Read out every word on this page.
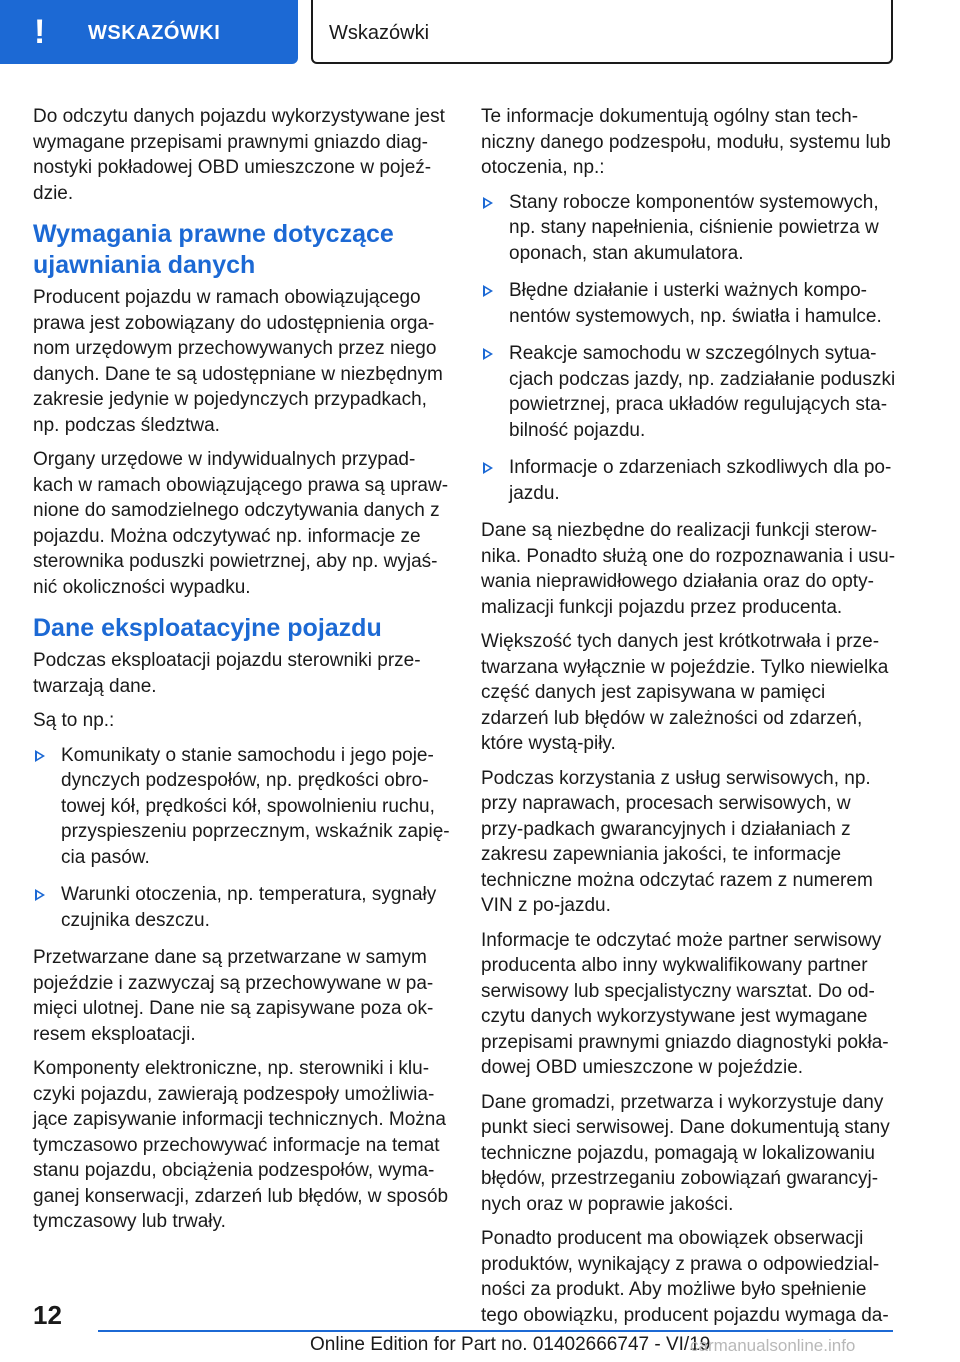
! WSKAZÓWKI	Wskazówki

Do odczytu danych pojazdu wykorzystywane jest wymagane przepisami prawnymi gniazdo diag‐nostyki pokładowej OBD umieszczone w pojeź‐dzie.

Wymagania prawne dotyczące ujawniania danych

Producent pojazdu w ramach obowiązującego prawa jest zobowiązany do udostępnienia orga‐nom urzędowym przechowywanych przez niego danych. Dane te są udostępniane w niezbędnym zakresie jedynie w pojedynczych przypadkach, np. podczas śledztwa.

Organy urzędowe w indywidualnych przypad‐kach w ramach obowiązującego prawa są upraw‐nione do samodzielnego odczytywania danych z pojazdu. Można odczytywać np. informacje ze sterownika poduszki powietrznej, aby np. wyjaś‐nić okoliczności wypadku.

Dane eksploatacyjne pojazdu

Podczas eksploatacji pojazdu sterowniki prze‐twarzają dane.

Są to np.:

Komunikaty o stanie samochodu i jego poje‐dynczych podzespołów, np. prędkości obro‐towej kół, prędkości kół, spowolnieniu ruchu, przyspieszeniu poprzecznym, wskaźnik zapię‐cia pasów.
Warunki otoczenia, np. temperatura, sygnały czujnika deszczu.

Przetwarzane dane są przetwarzane w samym pojeździe i zazwyczaj są przechowywane w pa‐mięci ulotnej. Dane nie są zapisywane poza ok‐resem eksploatacji.

Komponenty elektroniczne, np. sterowniki i klu‐czyki pojazdu, zawierają podzespoły umożliwia‐jące zapisywanie informacji technicznych. Można tymczasowo przechowywać informacje na temat stanu pojazdu, obciążenia podzespołów, wyma‐ganej konserwacji, zdarzeń lub błędów, w sposób tymczasowy lub trwały.

Te informacje dokumentują ogólny stan tech‐niczny danego podzespołu, modułu, systemu lub otoczenia, np.:

Stany robocze komponentów systemowych, np. stany napełnienia, ciśnienie powietrza w oponach, stan akumulatora.
Błędne działanie i usterki ważnych kompo‐nentów systemowych, np. światła i hamulce.
Reakcje samochodu w szczególnych sytua‐cjach podczas jazdy, np. zadziałanie poduszki powietrznej, praca układów regulujących sta‐bilność pojazdu.
Informacje o zdarzeniach szkodliwych dla po‐jazdu.

Dane są niezbędne do realizacji funkcji sterow‐nika. Ponadto służą one do rozpoznawania i usu‐wania nieprawidłowego działania oraz do opty‐malizacji funkcji pojazdu przez producenta.

Większość tych danych jest krótkotrwała i prze‐twarzana wyłącznie w pojeździe. Tylko niewielka część danych jest zapisywana w pamięci zdarzeń lub błędów w zależności od zdarzeń, które wystą‐piły.

Podczas korzystania z usług serwisowych, np. przy naprawach, procesach serwisowych, w przy‐padkach gwarancyjnych i działaniach z zakresu zapewniania jakości, te informacje techniczne można odczytać razem z numerem VIN z po‐jazdu.

Informacje te odczytać może partner serwisowy producenta albo inny wykwalifikowany partner serwisowy lub specjalistyczny warsztat. Do od‐czytu danych wykorzystywane jest wymagane przepisami prawnymi gniazdo diagnostyki pokła‐dowej OBD umieszczone w pojeździe.

Dane gromadzi, przetwarza i wykorzystuje dany punkt sieci serwisowej. Dane dokumentują stany techniczne pojazdu, pomagają w lokalizowaniu błędów, przestrzeganiu zobowiązań gwarancyj‐nych oraz w poprawie jakości.

Ponadto producent ma obowiązek obserwacji produktów, wynikający z prawa o odpowiedzial‐ności za produkt. Aby możliwe było spełnienie tego obowiązku, producent pojazdu wymaga da‐

12
Online Edition for Part no. 01402666747 - VI/19
carmanualsonline.info
